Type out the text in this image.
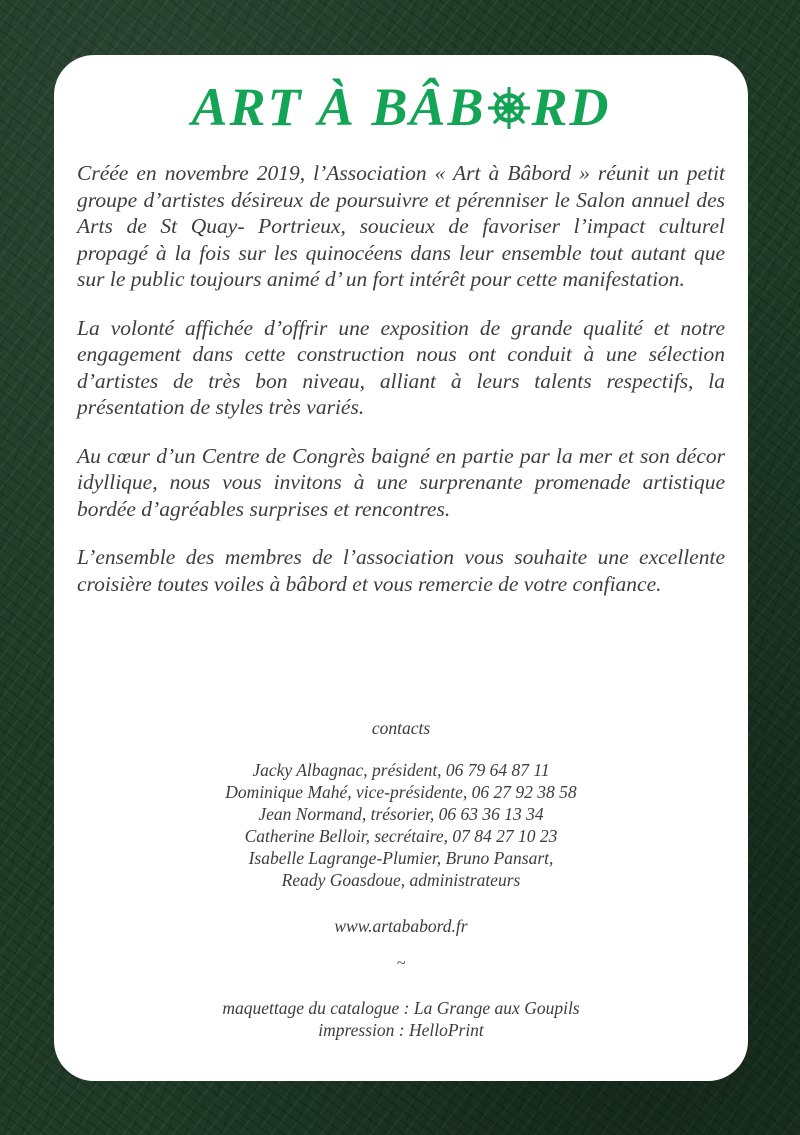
ART À BÂB RD

Créée en novembre 2019, l’Association « Art à Bâbord » réunit un petit groupe d’artistes désireux de poursuivre et pérenniser le Salon annuel des Arts de St Quay- Portrieux, soucieux de favoriser l’impact culturel propagé à la fois sur les quinocéens dans leur ensemble tout autant que sur le public toujours animé d’ un fort intérêt pour cette manifestation.

La volonté affichée d’offrir une exposition de grande qualité et notre engagement dans cette construction nous ont conduit à une sélection d’artistes de très bon niveau, alliant à leurs talents respectifs, la présentation de styles très variés.

Au cœur d’un Centre de Congrès baigné en partie par la mer et son décor idyllique, nous vous invitons à une surprenante promenade artistique bordée d’agréables surprises et rencontres.

L’ensemble des membres de l’association vous souhaite une excellente croisière toutes voiles à bâbord et vous remercie de votre confiance.

contacts
Jacky Albagnac, président, 06 79 64 87 11
Dominique Mahé, vice-présidente, 06 27 92 38 58
Jean Normand, trésorier, 06 63 36 13 34
Catherine Belloir, secrétaire, 07 84 27 10 23
Isabelle Lagrange-Plumier, Bruno Pansart,
Ready Goasdoue, administrateurs
www.artababord.fr
~
maquettage du catalogue : La Grange aux Goupils
impression : HelloPrint
